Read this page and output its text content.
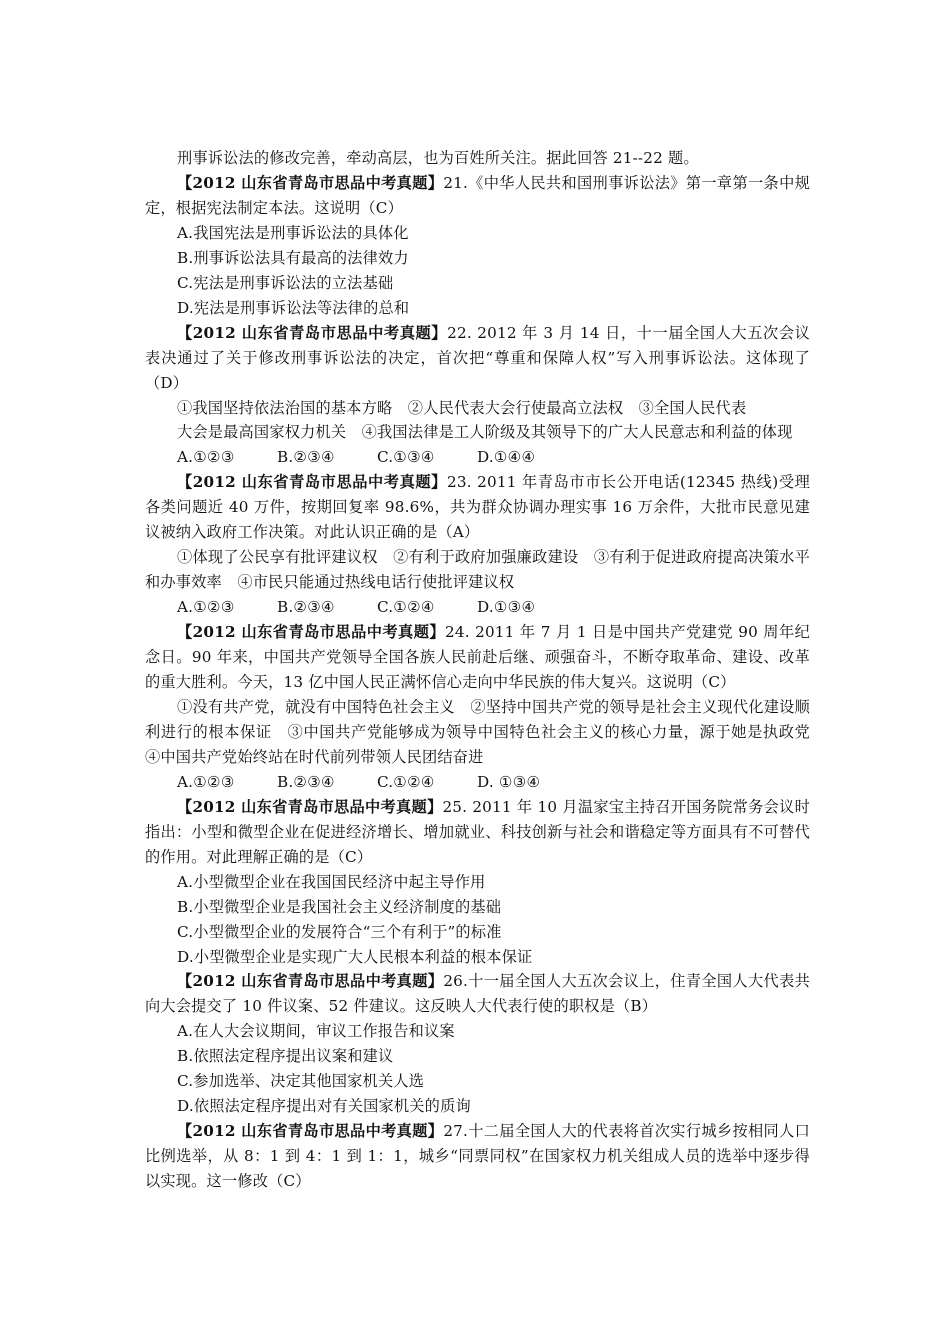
刑事诉讼法的修改完善，牵动高层，也为百姓所关注。据此回答 21--22 题。

【2012 山东省青岛市思品中考真题】21.《中华人民共和国刑事诉讼法》第一章第一条中规定，根据宪法制定本法。这说明（C）

A.我国宪法是刑事诉讼法的具体化

B.刑事诉讼法具有最高的法律效力

C.宪法是刑事诉讼法的立法基础

D.宪法是刑事诉讼法等法律的总和

【2012 山东省青岛市思品中考真题】22. 2012 年 3 月 14 日，十一届全国人大五次会议表决通过了关于修改刑事诉讼法的决定，首次把“尊重和保障人权”写入刑事诉讼法。这体现了（D）

①我国坚持依法治国的基本方略　②人民代表大会行使最高立法权　③全国人民代表

大会是最高国家权力机关　④我国法律是工人阶级及其领导下的广大人民意志和利益的体现

A.①②③	B.②③④	C.①③④	D.①④④

【2012 山东省青岛市思品中考真题】23. 2011 年青岛市市长公开电话(12345 热线)受理各类问题近 40 万件，按期回复率 98.6%，共为群众协调办理实事 16 万余件，大批市民意见建议被纳入政府工作决策。对此认识正确的是（A）

①体现了公民享有批评建议权　②有利于政府加强廉政建设　③有利于促进政府提高决策水平和办事效率　④市民只能通过热线电话行使批评建议权

A.①②③	B.②③④	C.①②④	D.①③④

【2012 山东省青岛市思品中考真题】24. 2011 年 7 月 1 日是中国共产党建党 90 周年纪念日。90 年来，中国共产党领导全国各族人民前赴后继、顽强奋斗，不断夺取革命、建设、改革的重大胜利。今天，13 亿中国人民正满怀信心走向中华民族的伟大复兴。这说明（C）

①没有共产党，就没有中国特色社会主义　②坚持中国共产党的领导是社会主义现代化建设顺利进行的根本保证　③中国共产党能够成为领导中国特色社会主义的核心力量，源于她是执政党　④中国共产党始终站在时代前列带领人民团结奋进

A.①②③	B.②③④	C.①②④	D. ①③④

【2012 山东省青岛市思品中考真题】25. 2011 年 10 月温家宝主持召开国务院常务会议时指出：小型和微型企业在促进经济增长、增加就业、科技创新与社会和谐稳定等方面具有不可替代的作用。对此理解正确的是（C）

A.小型微型企业在我国国民经济中起主导作用

B.小型微型企业是我国社会主义经济制度的基础

C.小型微型企业的发展符合“三个有利于”的标准

D.小型微型企业是实现广大人民根本利益的根本保证

【2012 山东省青岛市思品中考真题】26.十一届全国人大五次会议上，住青全国人大代表共向大会提交了 10 件议案、52 件建议。这反映人大代表行使的职权是（B）

A.在人大会议期间，审议工作报告和议案

B.依照法定程序提出议案和建议

C.参加选举、决定其他国家机关人选

D.依照法定程序提出对有关国家机关的质询

【2012 山东省青岛市思品中考真题】27.十二届全国人大的代表将首次实行城乡按相同人口比例选举，从 8：1 到 4：1 到 1：1，城乡“同票同权”在国家权力机关组成人员的选举中逐步得以实现。这一修改（C）
